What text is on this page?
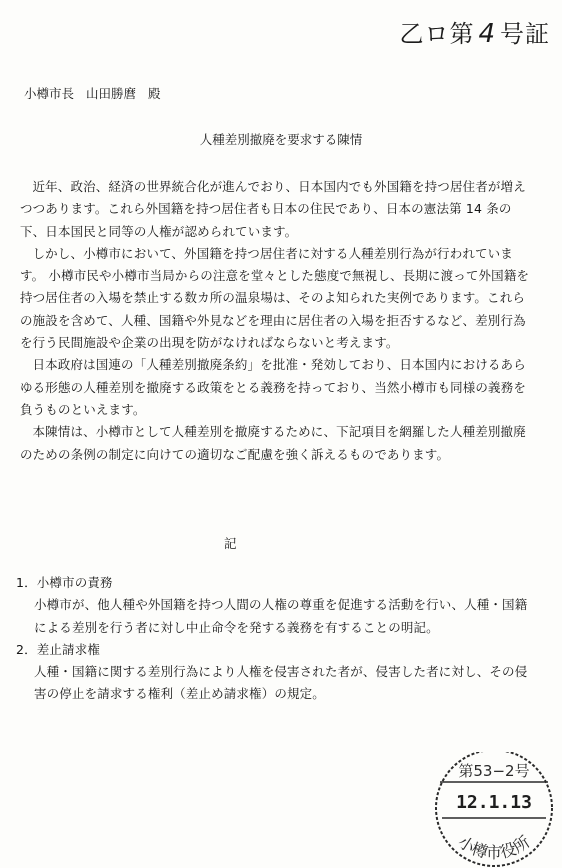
乙ロ第 4 号証
小樽市長 山田勝麿 殿
人種差別撤廃を要求する陳情

近年、政治、経済の世界統合化が進んでおり、日本国内でも外国籍を持つ居住者が増えつつあります。これら外国籍を持つ居住者も日本の住民であり、日本の憲法第 14 条の下、日本国民と同等の人権が認められています。

しかし、小樽市において、外国籍を持つ居住者に対する人種差別行為が行われています。 小樽市民や小樽市当局からの注意を堂々とした態度で無視し、長期に渡って外国籍を持つ居住者の入場を禁止する数カ所の温泉場は、そのよ知られた実例であります。これらの施設を含めて、人種、国籍や外見などを理由に居住者の入場を拒否するなど、差別行為を行う民間施設や企業の出現を防がなければならないと考えます。

日本政府は国連の「人種差別撤廃条約」を批准・発効しており、日本国内におけるあらゆる形態の人種差別を撤廃する政策をとる義務を持っており、当然小樽市も同様の義務を負うものといえます。

本陳情は、小樽市として人種差別を撤廃するために、下記項目を網羅した人種差別撤廃のための条例の制定に向けての適切なご配慮を強く訴えるものであります。

記

1．小樽市の責務

小樽市が、他人種や外国籍を持つ人間の人権の尊重を促進する活動を行い、人種・国籍による差別を行う者に対し中止命令を発する義務を有することの明記。

2．差止請求権

人種・国籍に関する差別行為により人権を侵害された者が、侵害した者に対し、その侵害の停止を請求する権利（差止め請求権）の規定。

第53−2号
12.1.13
小樽市役所
